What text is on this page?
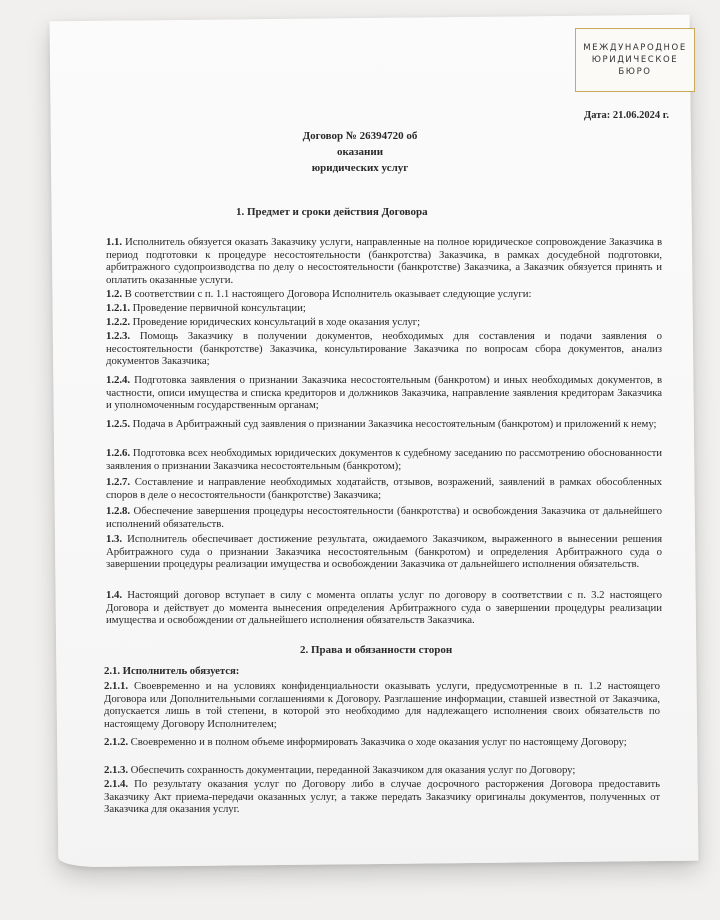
МЕЖДУНАРОДНОЕ
ЮРИДИЧЕСКОЕ
БЮРО
Дата: 21.06.2024 г.
Договор № 26394720 об оказании
юридических услуг
1. Предмет и сроки действия Договора
1.1. Исполнитель обязуется оказать Заказчику услуги, направленные на полное юридическое сопровождение Заказчика в период подготовки к процедуре несостоятельности (банкротства) Заказчика, в рамках досудебной подготовки, арбитражного судопроизводства по делу о несостоятельности (банкротстве) Заказчика, а Заказчик обязуется принять и оплатить оказанные услуги.
1.2. В соответствии с п. 1.1 настоящего Договора Исполнитель оказывает следующие услуги:
1.2.1. Проведение первичной консультации;
1.2.2. Проведение юридических консультаций в ходе оказания услуг;
1.2.3. Помощь Заказчику в получении документов, необходимых для составления и подачи заявления о несостоятельности (банкротстве) Заказчика, консультирование Заказчика по вопросам сбора документов, анализ документов Заказчика;
1.2.4. Подготовка заявления о признании Заказчика несостоятельным (банкротом) и иных необходимых документов, в частности, описи имущества и списка кредиторов и должников Заказчика, направление заявления кредиторам Заказчика и уполномоченным государственным органам;
1.2.5. Подача в Арбитражный суд заявления о признании Заказчика несостоятельным (банкротом) и приложений к нему;
1.2.6. Подготовка всех необходимых юридических документов к судебному заседанию по рассмотрению обоснованности заявления о признании Заказчика несостоятельным (банкротом);
1.2.7. Составление и направление необходимых ходатайств, отзывов, возражений, заявлений в рамках обособленных споров в деле о несостоятельности (банкротстве) Заказчика;
1.2.8. Обеспечение завершения процедуры несостоятельности (банкротства) и освобождения Заказчика от дальнейшего исполнений обязательств.
1.3. Исполнитель обеспечивает достижение результата, ожидаемого Заказчиком, выраженного в вынесении решения Арбитражного суда о признании Заказчика несостоятельным (банкротом) и определения Арбитражного суда о завершении процедуры реализации имущества и освобождении Заказчика от дальнейшего исполнения обязательств.
1.4. Настоящий договор вступает в силу с момента оплаты услуг по договору в соответствии с п. 3.2 настоящего Договора и действует до момента вынесения определения Арбитражного суда о завершении процедуры реализации имущества и освобождении от дальнейшего исполнения обязательств Заказчика.
2. Права и обязанности сторон
2.1. Исполнитель обязуется:
2.1.1. Своевременно и на условиях конфиденциальности оказывать услуги, предусмотренные в п. 1.2 настоящего Договора или Дополнительными соглашениями к Договору. Разглашение информации, ставшей известной от Заказчика, допускается лишь в той степени, в которой это необходимо для надлежащего исполнения своих обязательств по настоящему Договору Исполнителем;
2.1.2. Своевременно и в полном объеме информировать Заказчика о ходе оказания услуг по настоящему Договору;
2.1.3. Обеспечить сохранность документации, переданной Заказчиком для оказания услуг по Договору;
2.1.4. По результату оказания услуг по Договору либо в случае досрочного расторжения Договора предоставить Заказчику Акт приема-передачи оказанных услуг, а также передать Заказчику оригиналы документов, полученных от Заказчика для оказания услуг.
